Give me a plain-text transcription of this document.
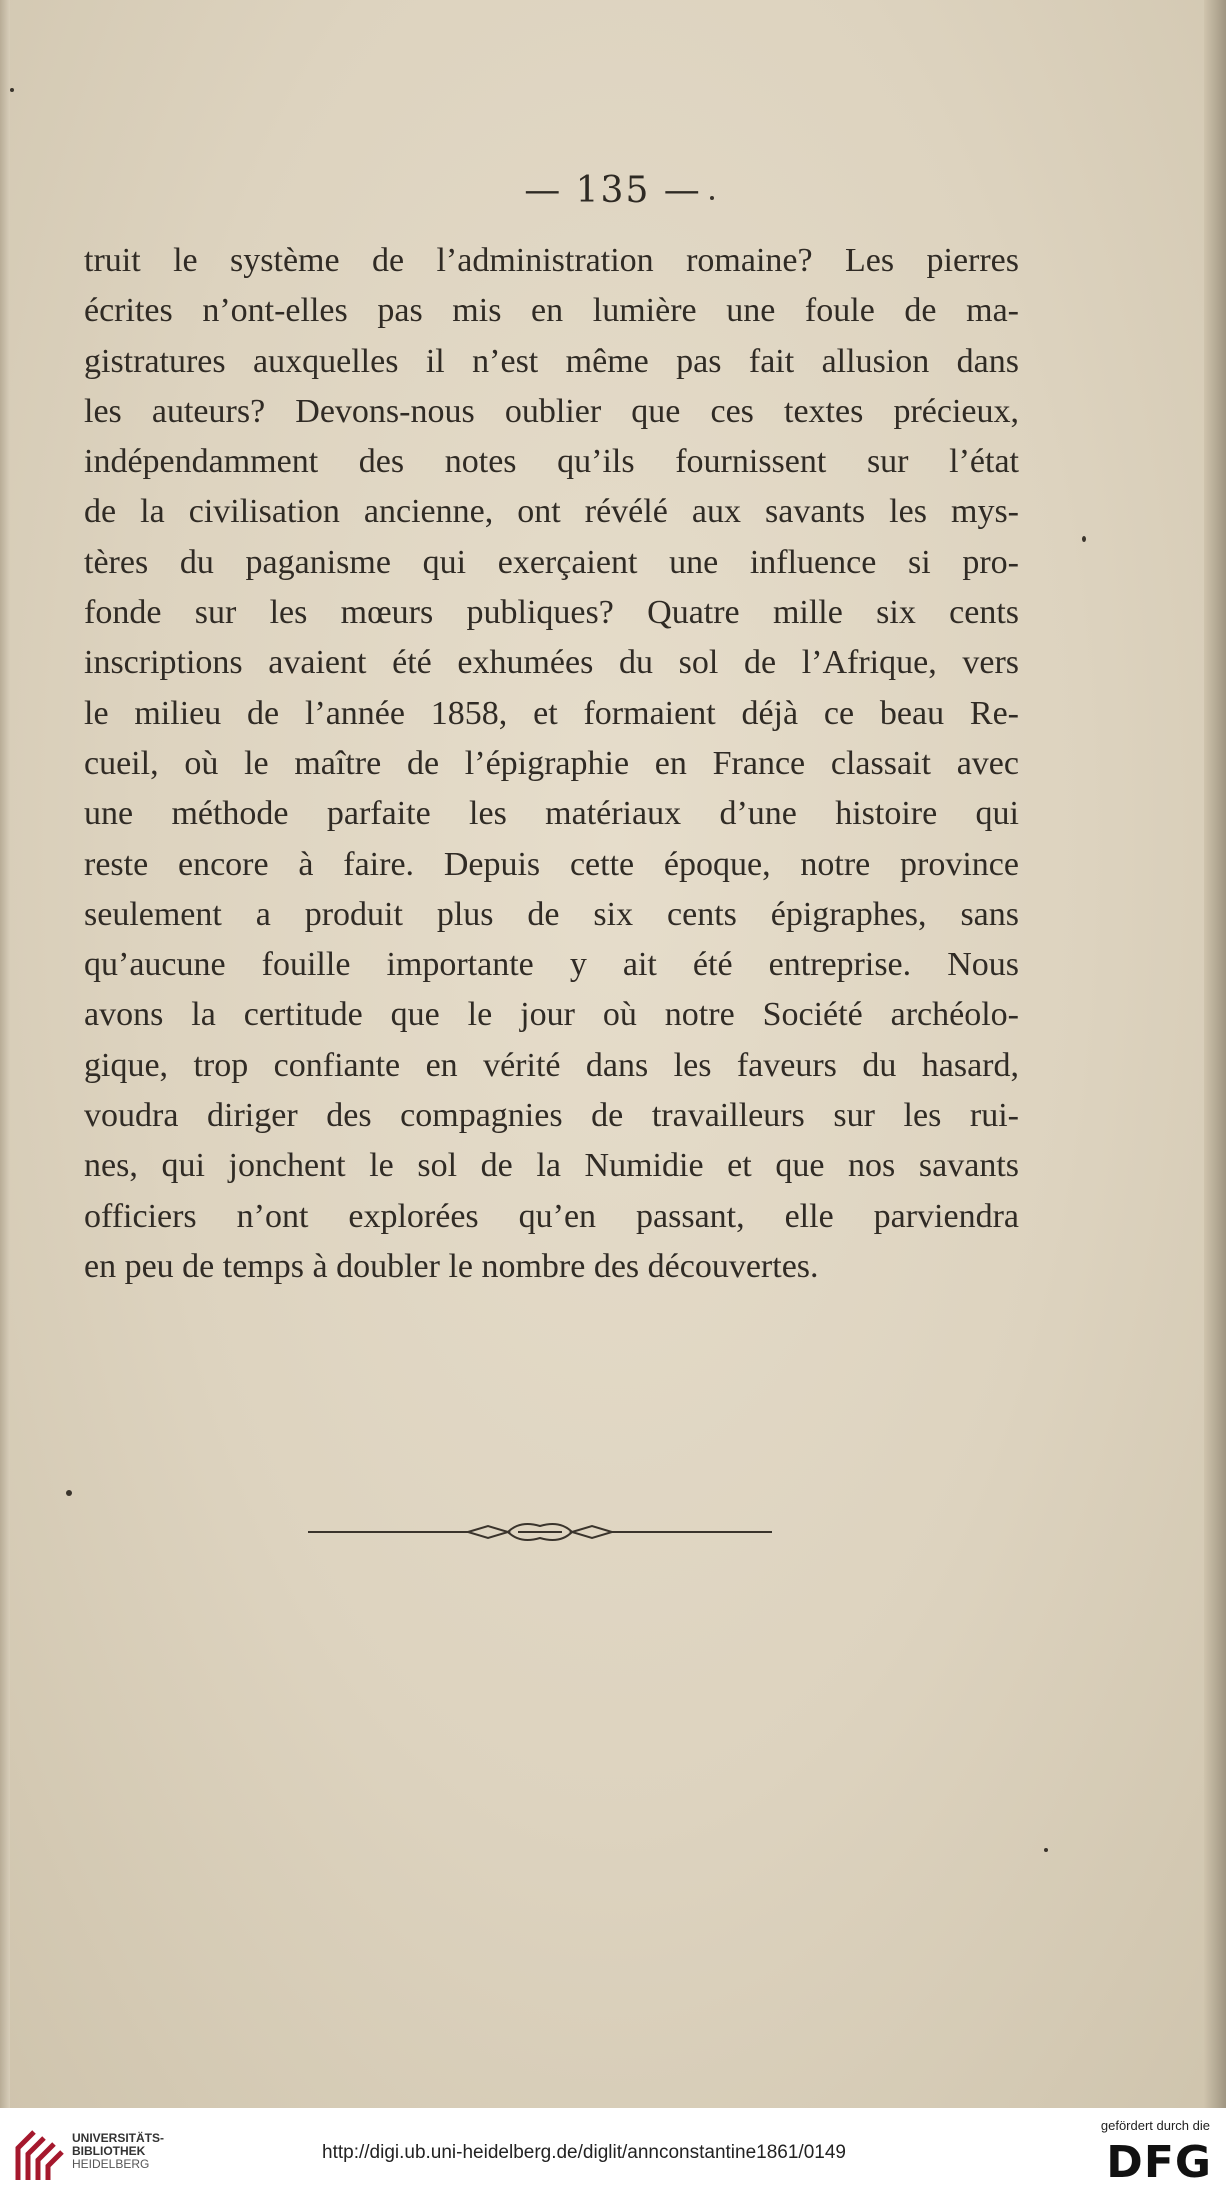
— 135 —
truit le système de l’administration romaine? Les pierres
écrites n’ont-elles pas mis en lumière une foule de ma-
gistratures auxquelles il n’est même pas fait allusion dans
les auteurs? Devons-nous oublier que ces textes précieux,
indépendamment des notes qu’ils fournissent sur l’état
de la civilisation ancienne, ont révélé aux savants les mys-
tères du paganisme qui exerçaient une influence si pro-
fonde sur les mœurs publiques? Quatre mille six cents
inscriptions avaient été exhumées du sol de l’Afrique, vers
le milieu de l’année 1858, et formaient déjà ce beau Re-
cueil, où le maître de l’épigraphie en France classait avec
une méthode parfaite les matériaux d’une histoire qui
reste encore à faire. Depuis cette époque, notre province
seulement a produit plus de six cents épigraphes, sans
qu’aucune fouille importante y ait été entreprise. Nous
avons la certitude que le jour où notre Société archéolo-
gique, trop confiante en vérité dans les faveurs du hasard,
voudra diriger des compagnies de travailleurs sur les rui-
nes, qui jonchent le sol de la Numidie et que nos savants
officiers n’ont explorées qu’en passant, elle parviendra
en peu de temps à doubler le nombre des découvertes.
UNIVERSITÄTS-
BIBLIOTHEK
HEIDELBERG
http://digi.ub.uni-heidelberg.de/diglit/annconstantine1861/0149
gefördert durch die
DFG
